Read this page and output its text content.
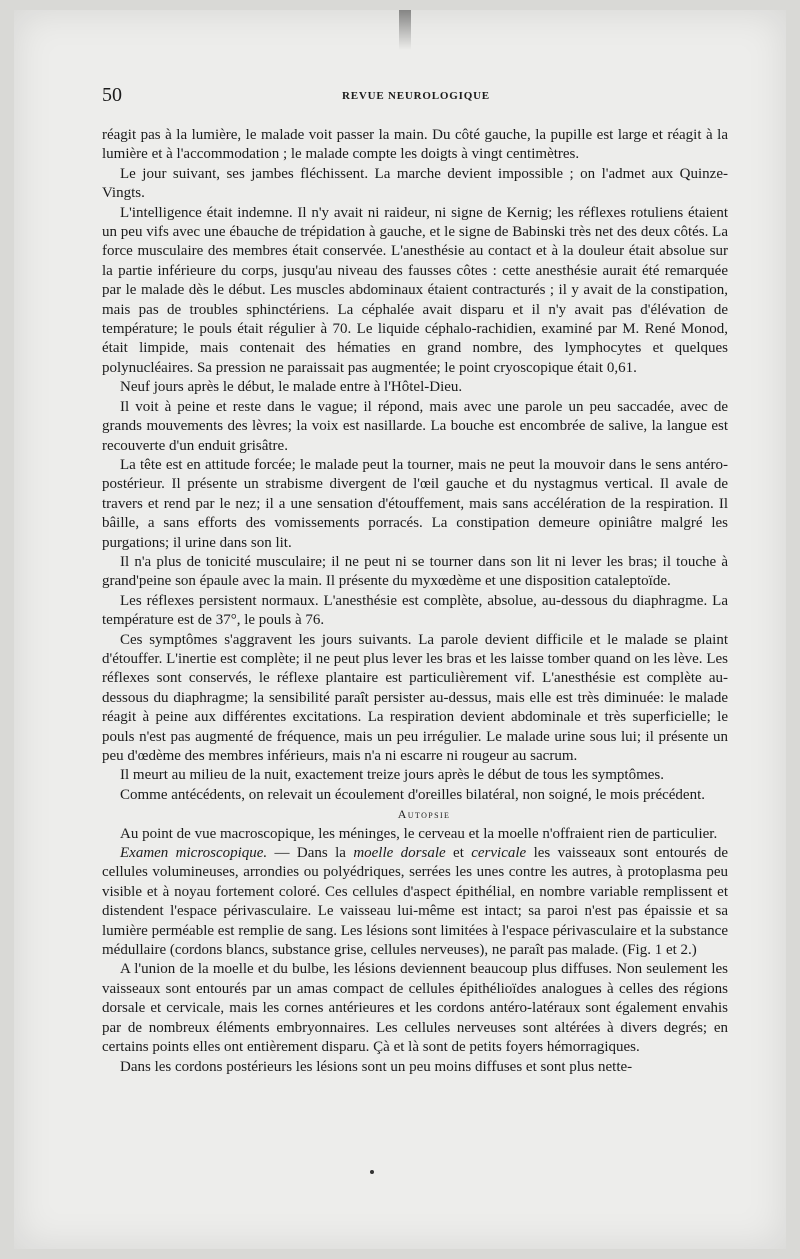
50	REVUE NEUROLOGIQUE

réagit pas à la lumière, le malade voit passer la main. Du côté gauche, la pupille est large et réagit à la lumière et à l'accommodation ; le malade compte les doigts à vingt centimètres.

Le jour suivant, ses jambes fléchissent. La marche devient impossible ; on l'admet aux Quinze-Vingts.

L'intelligence était indemne. Il n'y avait ni raideur, ni signe de Kernig; les réflexes rotuliens étaient un peu vifs avec une ébauche de trépidation à gauche, et le signe de Babinski très net des deux côtés. La force musculaire des membres était conservée. L'anesthésie au contact et à la douleur était absolue sur la partie inférieure du corps, jusqu'au niveau des fausses côtes : cette anesthésie aurait été remarquée par le malade dès le début. Les muscles abdominaux étaient contracturés ; il y avait de la constipation, mais pas de troubles sphinctériens. La céphalée avait disparu et il n'y avait pas d'élévation de température; le pouls était régulier à 70. Le liquide céphalo-rachidien, examiné par M. René Monod, était limpide, mais contenait des hématies en grand nombre, des lymphocytes et quelques polynucléaires. Sa pression ne paraissait pas augmentée; le point cryoscopique était 0,61.

Neuf jours après le début, le malade entre à l'Hôtel-Dieu.

Il voit à peine et reste dans le vague; il répond, mais avec une parole un peu saccadée, avec de grands mouvements des lèvres; la voix est nasillarde. La bouche est encombrée de salive, la langue est recouverte d'un enduit grisâtre.

La tête est en attitude forcée; le malade peut la tourner, mais ne peut la mouvoir dans le sens antéro-postérieur. Il présente un strabisme divergent de l'œil gauche et du nystagmus vertical. Il avale de travers et rend par le nez; il a une sensation d'étouffement, mais sans accélération de la respiration. Il bâille, a sans efforts des vomissements porracés. La constipation demeure opiniâtre malgré les purgations; il urine dans son lit.

Il n'a plus de tonicité musculaire; il ne peut ni se tourner dans son lit ni lever les bras; il touche à grand'peine son épaule avec la main. Il présente du myxœdème et une disposition cataleptoïde.

Les réflexes persistent normaux. L'anesthésie est complète, absolue, au-dessous du diaphragme. La température est de 37°, le pouls à 76.

Ces symptômes s'aggravent les jours suivants. La parole devient difficile et le malade se plaint d'étouffer. L'inertie est complète; il ne peut plus lever les bras et les laisse tomber quand on les lève. Les réflexes sont conservés, le réflexe plantaire est particulièrement vif. L'anesthésie est complète au-dessous du diaphragme; la sensibilité paraît persister au-dessus, mais elle est très diminuée: le malade réagit à peine aux différentes excitations. La respiration devient abdominale et très superficielle; le pouls n'est pas augmenté de fréquence, mais un peu irrégulier. Le malade urine sous lui; il présente un peu d'œdème des membres inférieurs, mais n'a ni escarre ni rougeur au sacrum.

Il meurt au milieu de la nuit, exactement treize jours après le début de tous les symptômes.

Comme antécédents, on relevait un écoulement d'oreilles bilatéral, non soigné, le mois précédent.

Autopsie

Au point de vue macroscopique, les méninges, le cerveau et la moelle n'offraient rien de particulier.

Examen microscopique. — Dans la moelle dorsale et cervicale les vaisseaux sont entourés de cellules volumineuses, arrondies ou polyédriques, serrées les unes contre les autres, à protoplasma peu visible et à noyau fortement coloré. Ces cellules d'aspect épithélial, en nombre variable remplissent et distendent l'espace périvasculaire. Le vaisseau lui-même est intact; sa paroi n'est pas épaissie et sa lumière perméable est remplie de sang. Les lésions sont limitées à l'espace périvasculaire et la substance médullaire (cordons blancs, substance grise, cellules nerveuses), ne paraît pas malade. (Fig. 1 et 2.)

A l'union de la moelle et du bulbe, les lésions deviennent beaucoup plus diffuses. Non seulement les vaisseaux sont entourés par un amas compact de cellules épithélioïdes analogues à celles des régions dorsale et cervicale, mais les cornes antérieures et les cordons antéro-latéraux sont également envahis par de nombreux éléments embryonnaires. Les cellules nerveuses sont altérées à divers degrés; en certains points elles ont entièrement disparu. Çà et là sont de petits foyers hémorragiques.

Dans les cordons postérieurs les lésions sont un peu moins diffuses et sont plus nette-
